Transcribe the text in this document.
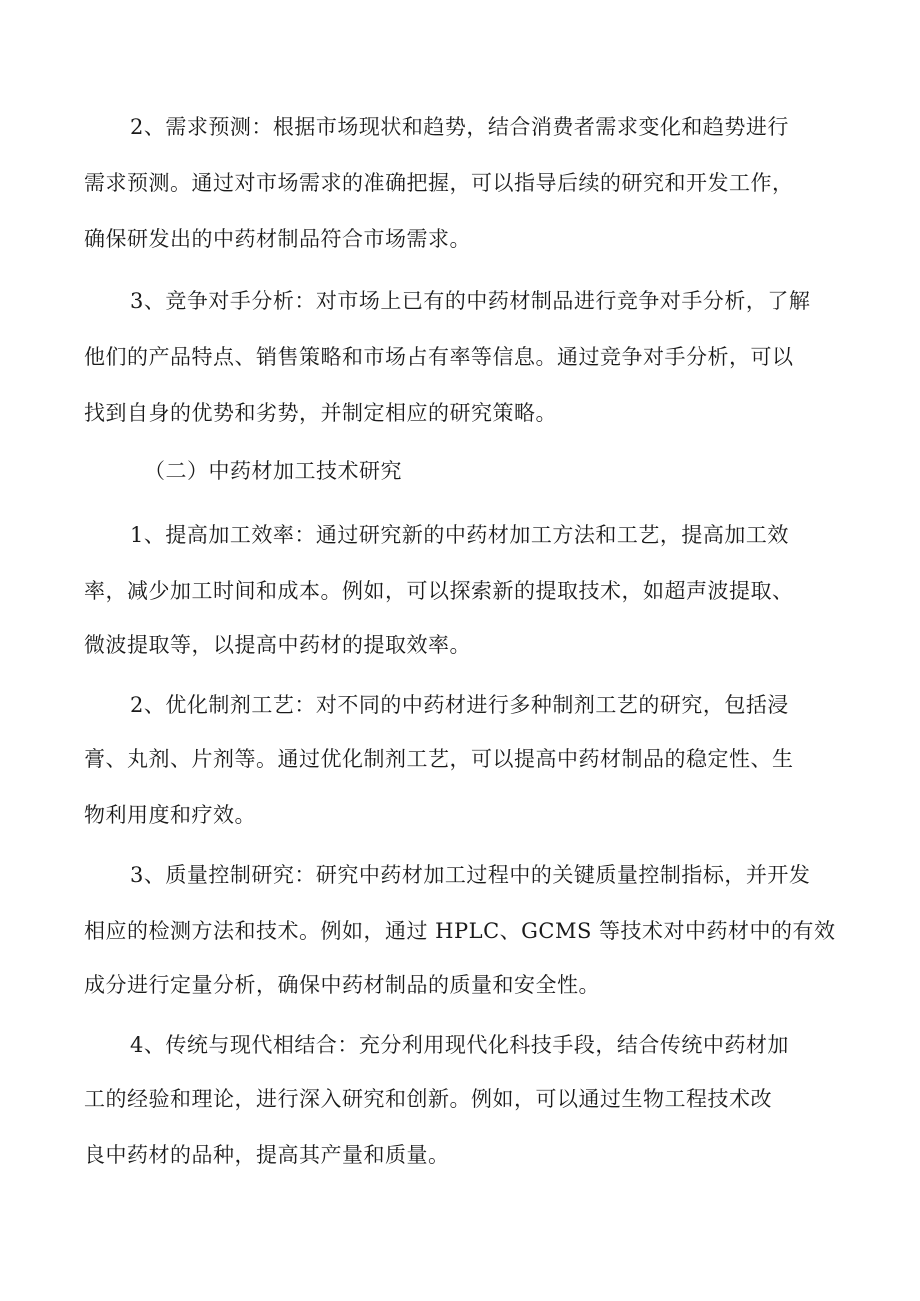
2、需求预测：根据市场现状和趋势，结合消费者需求变化和趋势进行
需求预测。通过对市场需求的准确把握，可以指导后续的研究和开发工作，
确保研发出的中药材制品符合市场需求。
3、竞争对手分析：对市场上已有的中药材制品进行竞争对手分析，了解
他们的产品特点、销售策略和市场占有率等信息。通过竞争对手分析，可以
找到自身的优势和劣势，并制定相应的研究策略。
（二）中药材加工技术研究
1、提高加工效率：通过研究新的中药材加工方法和工艺，提高加工效
率，减少加工时间和成本。例如，可以探索新的提取技术，如超声波提取、
微波提取等，以提高中药材的提取效率。
2、优化制剂工艺：对不同的中药材进行多种制剂工艺的研究，包括浸
膏、丸剂、片剂等。通过优化制剂工艺，可以提高中药材制品的稳定性、生
物利用度和疗效。
3、质量控制研究：研究中药材加工过程中的关键质量控制指标，并开发
相应的检测方法和技术。例如，通过 HPLC、GCMS 等技术对中药材中的有效
成分进行定量分析，确保中药材制品的质量和安全性。
4、传统与现代相结合：充分利用现代化科技手段，结合传统中药材加
工的经验和理论，进行深入研究和创新。例如，可以通过生物工程技术改
良中药材的品种，提高其产量和质量。
